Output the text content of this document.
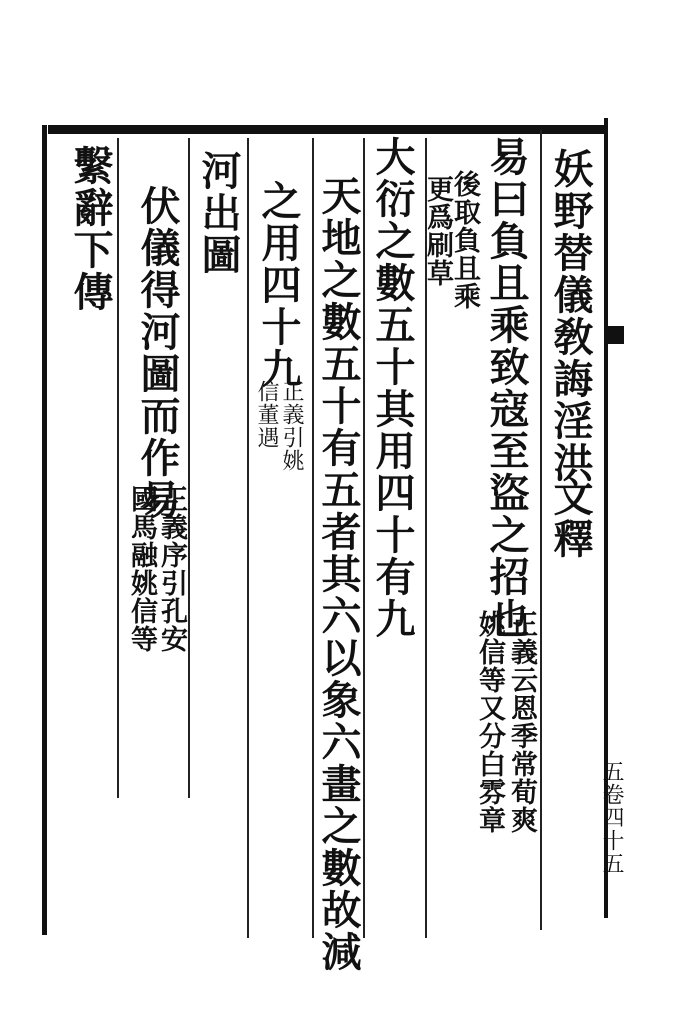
妖野替儀敎誨淫洪
文釋
易曰負且乘致寇至盜之招也
正義云恩季常荀爽
姚信等又分白雰章
後取負且乘
更爲刷草
大衍之數五十其用四十有九
天地之數五十有五者其六以象六畫之數故減
之用四十九
正義引姚
信董遇
河出圖
伏儀得河圖而作易
正義序引孔安
國馬融姚信等
繫辭下傳
五卷四十五
